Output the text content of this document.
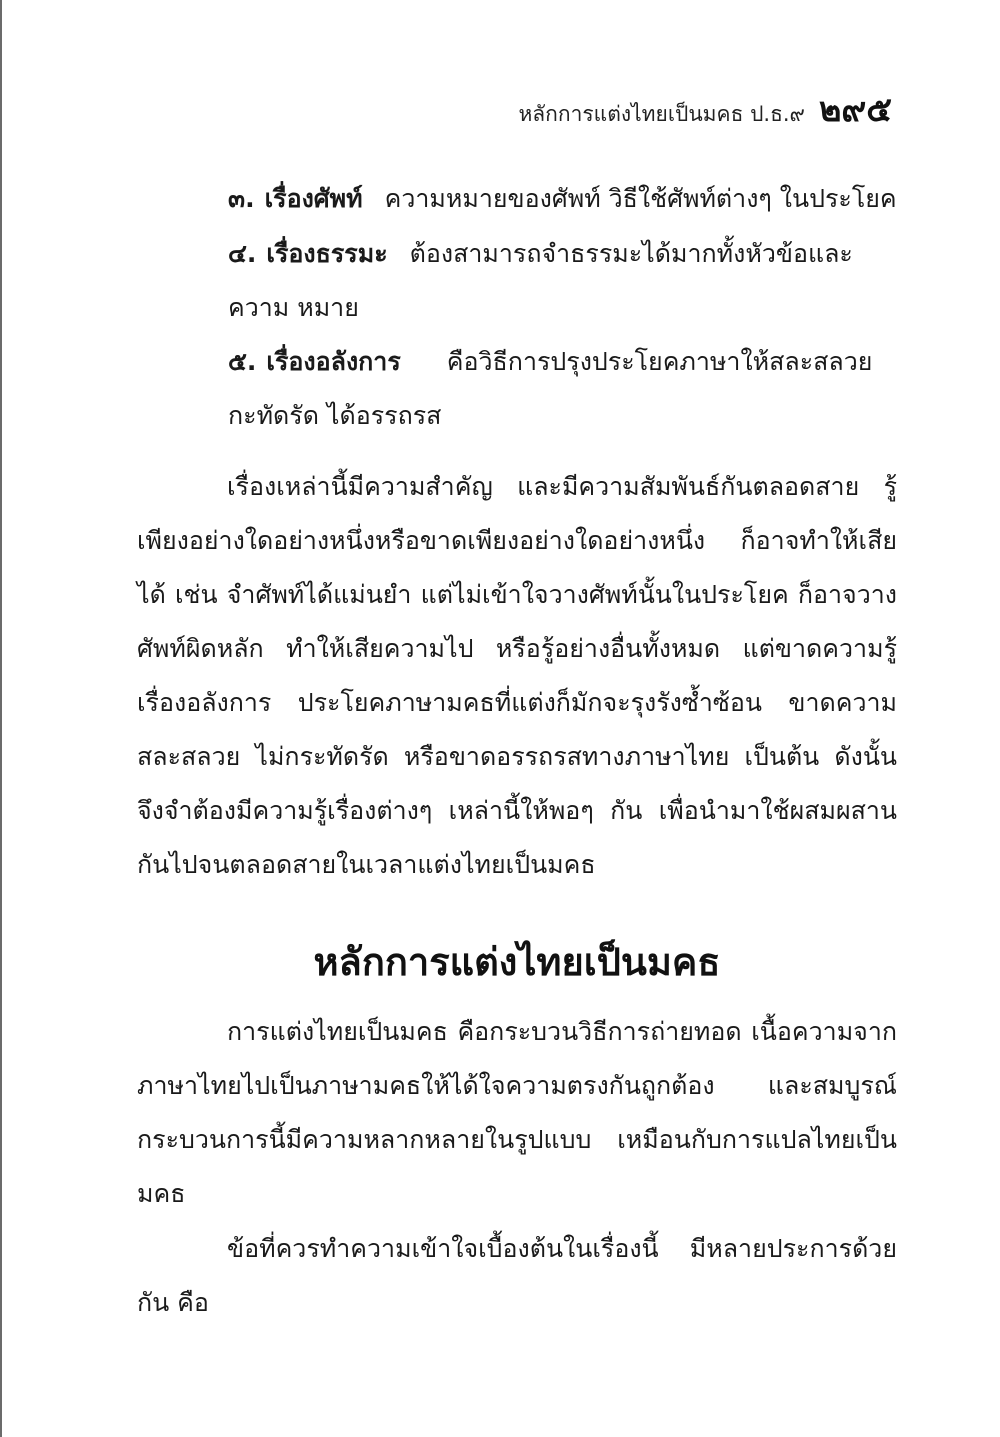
หลักการแต่งไทยเป็นมคธ ป.ธ.๙ ๒๙๕
๓. เรื่องศัพท์ ความหมายของศัพท์ วิธีใช้ศัพท์ต่างๆ ในประโยค
๔. เรื่องธรรมะ ต้องสามารถจำธรรมะได้มากทั้งหัวข้อและความ หมาย
๕. เรื่องอลังการ คือวิธีการปรุงประโยคภาษาให้สละสลวย
กะทัดรัด ได้อรรถรส

เรื่องเหล่านี้มีความสำคัญ และมีความสัมพันธ์กันตลอดสาย รู้เพียงอย่างใดอย่างหนึ่งหรือขาดเพียงอย่างใดอย่างหนึ่ง ก็อาจทำให้เสียได้ เช่น จำศัพท์ได้แม่นยำ แต่ไม่เข้าใจวางศัพท์นั้นในประโยค ก็อาจวางศัพท์ผิดหลัก ทำให้เสียความไป หรือรู้อย่างอื่นทั้งหมด แต่ขาดความรู้เรื่องอลังการ ประโยคภาษามคธที่แต่งก็มักจะรุงรังซ้ำซ้อน ขาดความสละสลวย ไม่กระทัดรัด หรือขาดอรรถรสทางภาษาไทย เป็นต้น ดังนั้น จึงจำต้องมีความรู้เรื่องต่างๆ เหล่านี้ให้พอๆ กัน เพื่อนำมาใช้ผสมผสานกันไปจนตลอดสายในเวลาแต่งไทยเป็นมคธ

หลักการแต่งไทยเป็นมคธ

การแต่งไทยเป็นมคธ คือกระบวนวิธีการถ่ายทอด เนื้อความจากภาษาไทยไปเป็นภาษามคธให้ได้ใจความตรงกันถูกต้อง และสมบูรณ์ กระบวนการนี้มีความหลากหลายในรูปแบบ เหมือนกับการแปลไทยเป็นมคธ

ข้อที่ควรทำความเข้าใจเบื้องต้นในเรื่องนี้ มีหลายประการด้วยกัน คือ
